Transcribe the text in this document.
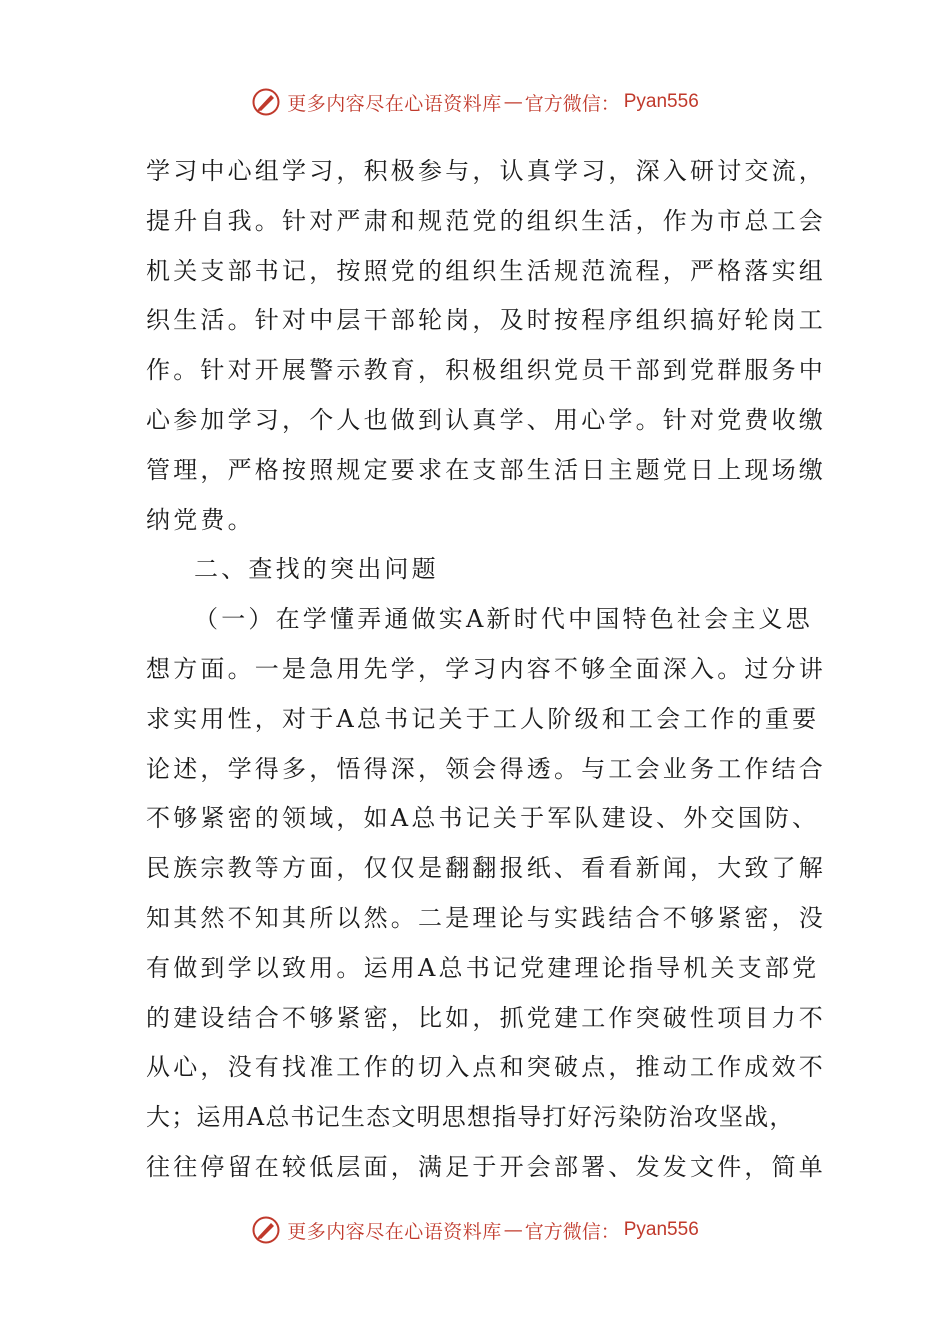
更多内容尽在心语资料库 — 官方微信： Pyan556
学习中心组学习，积极参与，认真学习，深入研讨交流，
提升自我。针对严肃和规范党的组织生活，作为市总工会
机关支部书记，按照党的组织生活规范流程，严格落实组
织生活。针对中层干部轮岗，及时按程序组织搞好轮岗工
作。针对开展警示教育，积极组织党员干部到党群服务中
心参加学习，个人也做到认真学、用心学。针对党费收缴
管理，严格按照规定要求在支部生活日主题党日上现场缴
纳党费。
二、查找的突出问题
（一）在学懂弄通做实A新时代中国特色社会主义思
想方面。一是急用先学，学习内容不够全面深入。过分讲
求实用性，对于A总书记关于工人阶级和工会工作的重要
论述，学得多，悟得深，领会得透。与工会业务工作结合
不够紧密的领域，如A总书记关于军队建设、外交国防、
民族宗教等方面，仅仅是翻翻报纸、看看新闻，大致了解
知其然不知其所以然。二是理论与实践结合不够紧密，没
有做到学以致用。运用A总书记党建理论指导机关支部党
的建设结合不够紧密，比如，抓党建工作突破性项目力不
从心，没有找准工作的切入点和突破点，推动工作成效不
大；运用A总书记生态文明思想指导打好污染防治攻坚战，
往往停留在较低层面，满足于开会部署、发发文件，简单
更多内容尽在心语资料库 — 官方微信： Pyan556
